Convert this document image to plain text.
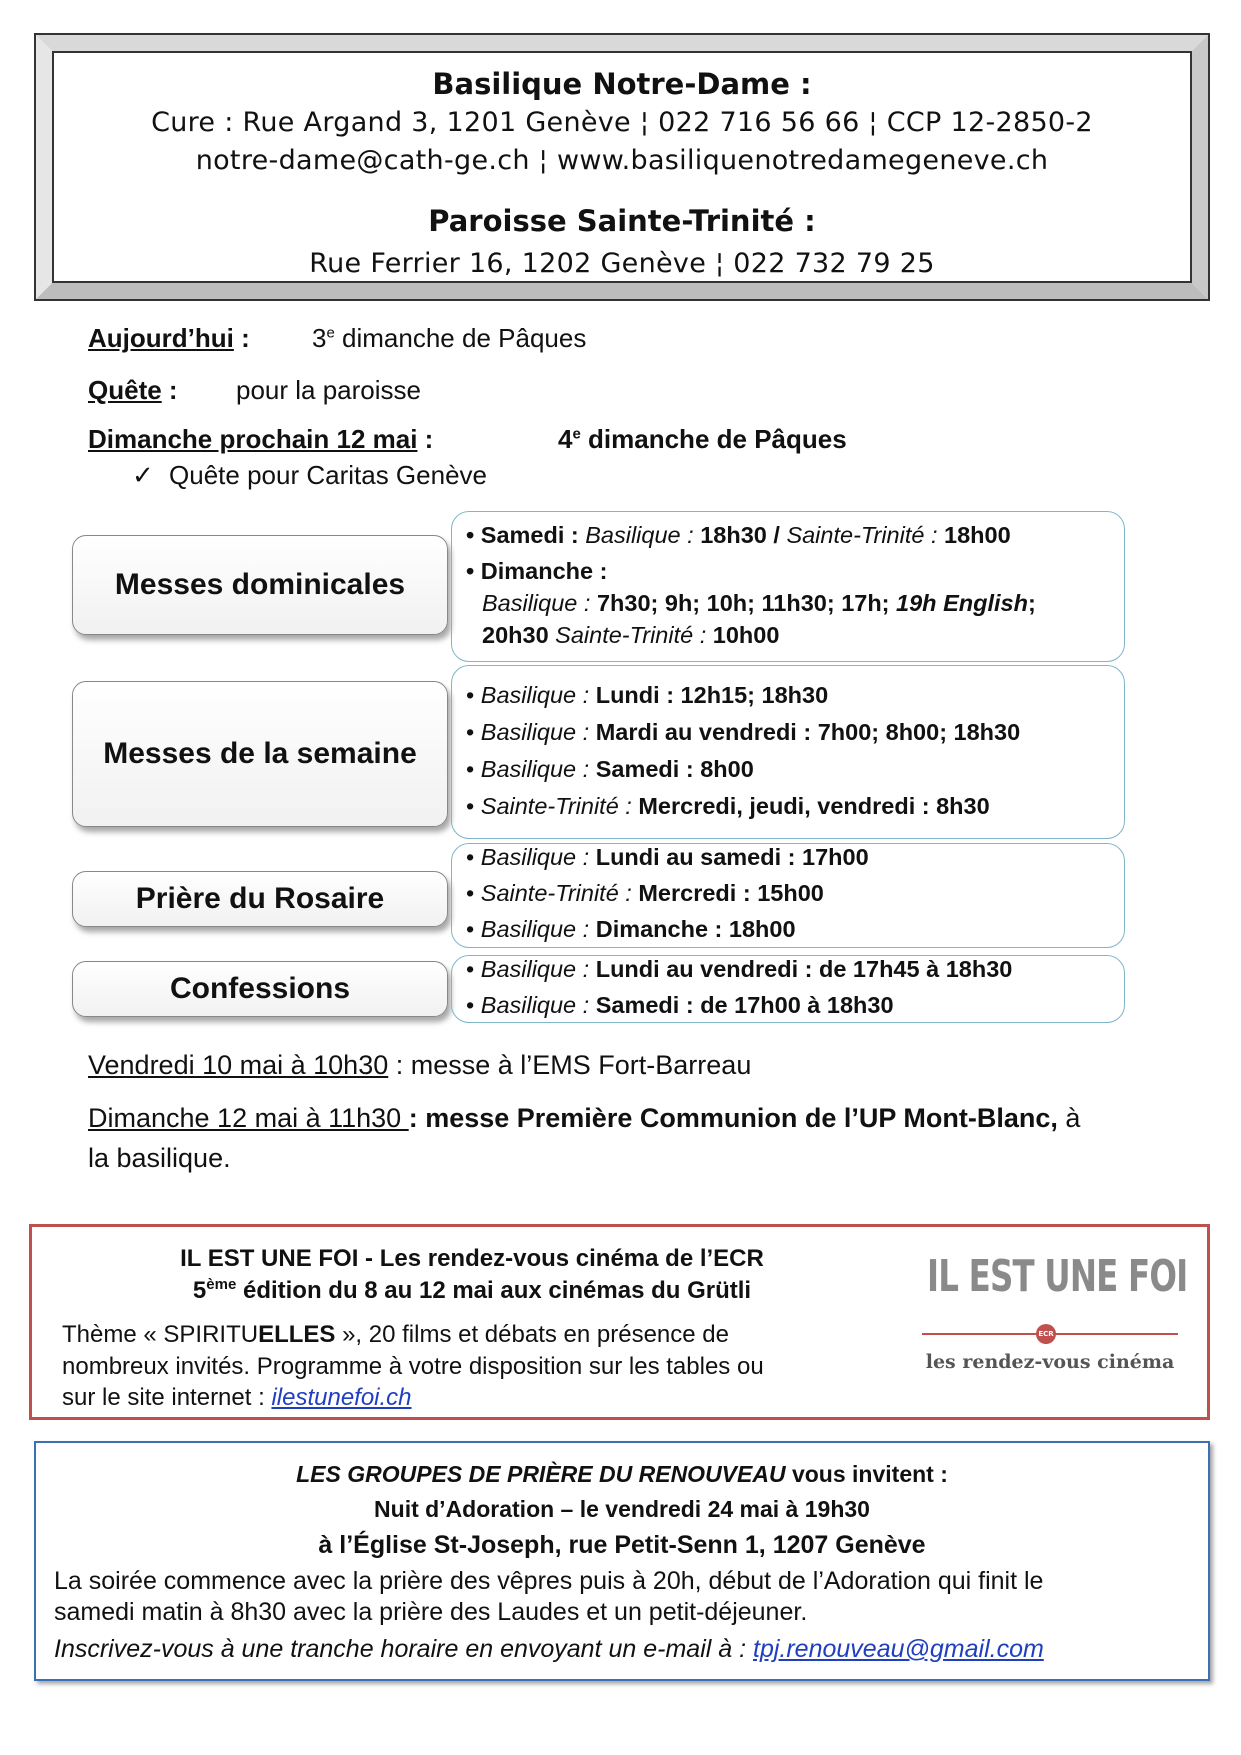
Basilique Notre-Dame :
Cure : Rue Argand 3, 1201 Genève ¦ 022 716 56 66 ¦ CCP 12-2850-2
notre-dame@cath-ge.ch ¦ www.basiliquenotredamegeneve.ch
Paroisse Sainte-Trinité :
Rue Ferrier 16, 1202 Genève ¦ 022 732 79 25
Aujourd’hui : 3e dimanche de Pâques
Quête : pour la paroisse
Dimanche prochain 12 mai :	4e dimanche de Pâques
✓ Quête pour Caritas Genève
Messes dominicales
• Samedi : Basilique : 18h30 / Sainte-Trinité : 18h00
• Dimanche :
Basilique : 7h30; 9h; 10h; 11h30; 17h; 19h English;
20h30 Sainte-Trinité : 10h00
Messes de la semaine
• Basilique : Lundi : 12h15; 18h30
• Basilique : Mardi au vendredi : 7h00; 8h00; 18h30
• Basilique : Samedi : 8h00
• Sainte-Trinité : Mercredi, jeudi, vendredi : 8h30
Prière du Rosaire
• Basilique : Lundi au samedi : 17h00
• Sainte-Trinité : Mercredi : 15h00
• Basilique : Dimanche : 18h00
Confessions
• Basilique : Lundi au vendredi : de 17h45 à 18h30
• Basilique : Samedi : de 17h00 à 18h30
Vendredi 10 mai à 10h30 : messe à l’EMS Fort-Barreau
Dimanche 12 mai à 11h30 : messe Première Communion de l’UP Mont-Blanc, à
la basilique.
IL EST UNE FOI - Les rendez-vous cinéma de l’ECR
5ème édition du 8 au 12 mai aux cinémas du Grütli
Thème « SPIRITUELLES », 20 films et débats en présence de
nombreux invités. Programme à votre disposition sur les tables ou
sur le site internet : ilestunefoi.ch
IL EST UNE FOI
ECR
les rendez-vous cinéma
LES GROUPES DE PRIÈRE DU RENOUVEAU vous invitent :
Nuit d’Adoration – le vendredi 24 mai à 19h30
à l’Église St-Joseph, rue Petit-Senn 1, 1207 Genève
La soirée commence avec la prière des vêpres puis à 20h, début de l’Adoration qui finit le
samedi matin à 8h30 avec la prière des Laudes et un petit-déjeuner.
Inscrivez-vous à une tranche horaire en envoyant un e-mail à : tpj.renouveau@gmail.com
